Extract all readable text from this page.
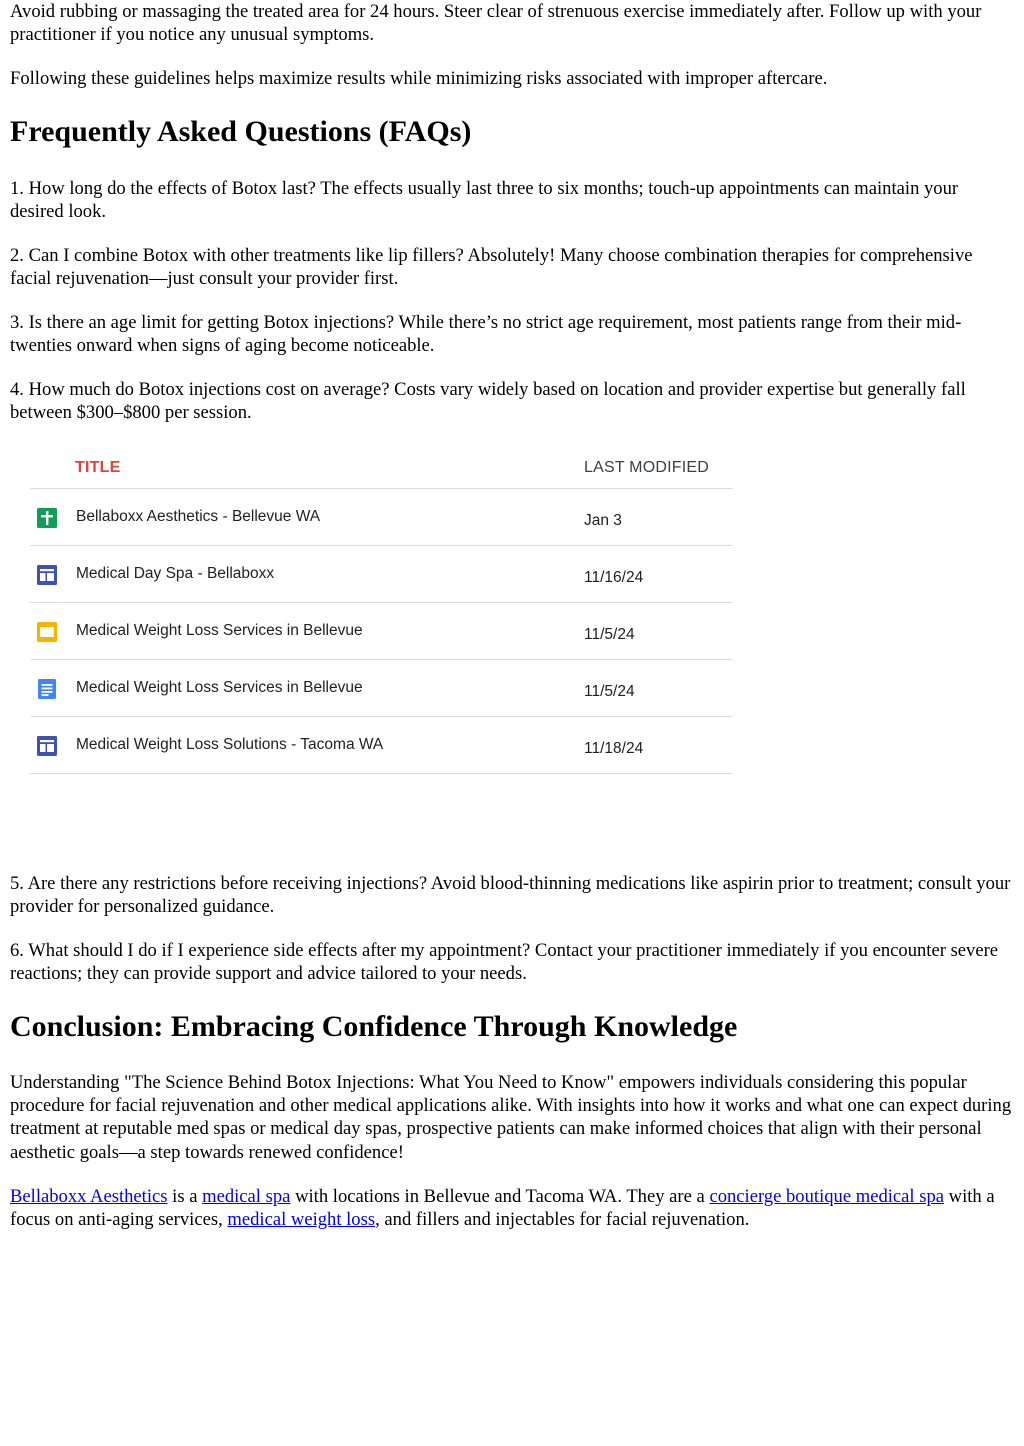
Avoid rubbing or massaging the treated area for 24 hours. Steer clear of strenuous exercise immediately after. Follow up with your practitioner if you notice any unusual symptoms.

Following these guidelines helps maximize results while minimizing risks associated with improper aftercare.

Frequently Asked Questions (FAQs)

1. How long do the effects of Botox last? The effects usually last three to six months; touch-up appointments can maintain your desired look.

2. Can I combine Botox with other treatments like lip fillers? Absolutely! Many choose combination therapies for comprehensive facial rejuvenation—just consult your provider first.

3. Is there an age limit for getting Botox injections? While there’s no strict age requirement, most patients range from their mid-twenties onward when signs of aging become noticeable.

4. How much do Botox injections cost on average? Costs vary widely based on location and provider expertise but generally fall between $300–$800 per session.

TITLE	LAST MODIFIED
Bellaboxx Aesthetics - Bellevue WA	Jan 3
Medical Day Spa - Bellaboxx	11/16/24
Medical Weight Loss Services in Bellevue	11/5/24
Medical Weight Loss Services in Bellevue	11/5/24
Medical Weight Loss Solutions - Tacoma WA	11/18/24

5. Are there any restrictions before receiving injections? Avoid blood-thinning medications like aspirin prior to treatment; consult your provider for personalized guidance.

6. What should I do if I experience side effects after my appointment? Contact your practitioner immediately if you encounter severe reactions; they can provide support and advice tailored to your needs.

Conclusion: Embracing Confidence Through Knowledge

Understanding "The Science Behind Botox Injections: What You Need to Know" empowers individuals considering this popular procedure for facial rejuvenation and other medical applications alike. With insights into how it works and what one can expect during treatment at reputable med spas or medical day spas, prospective patients can make informed choices that align with their personal aesthetic goals—a step towards renewed confidence!

Bellaboxx Aesthetics is a medical spa with locations in Bellevue and Tacoma WA. They are a concierge boutique medical spa with a focus on anti-aging services, medical weight loss, and fillers and injectables for facial rejuvenation.
